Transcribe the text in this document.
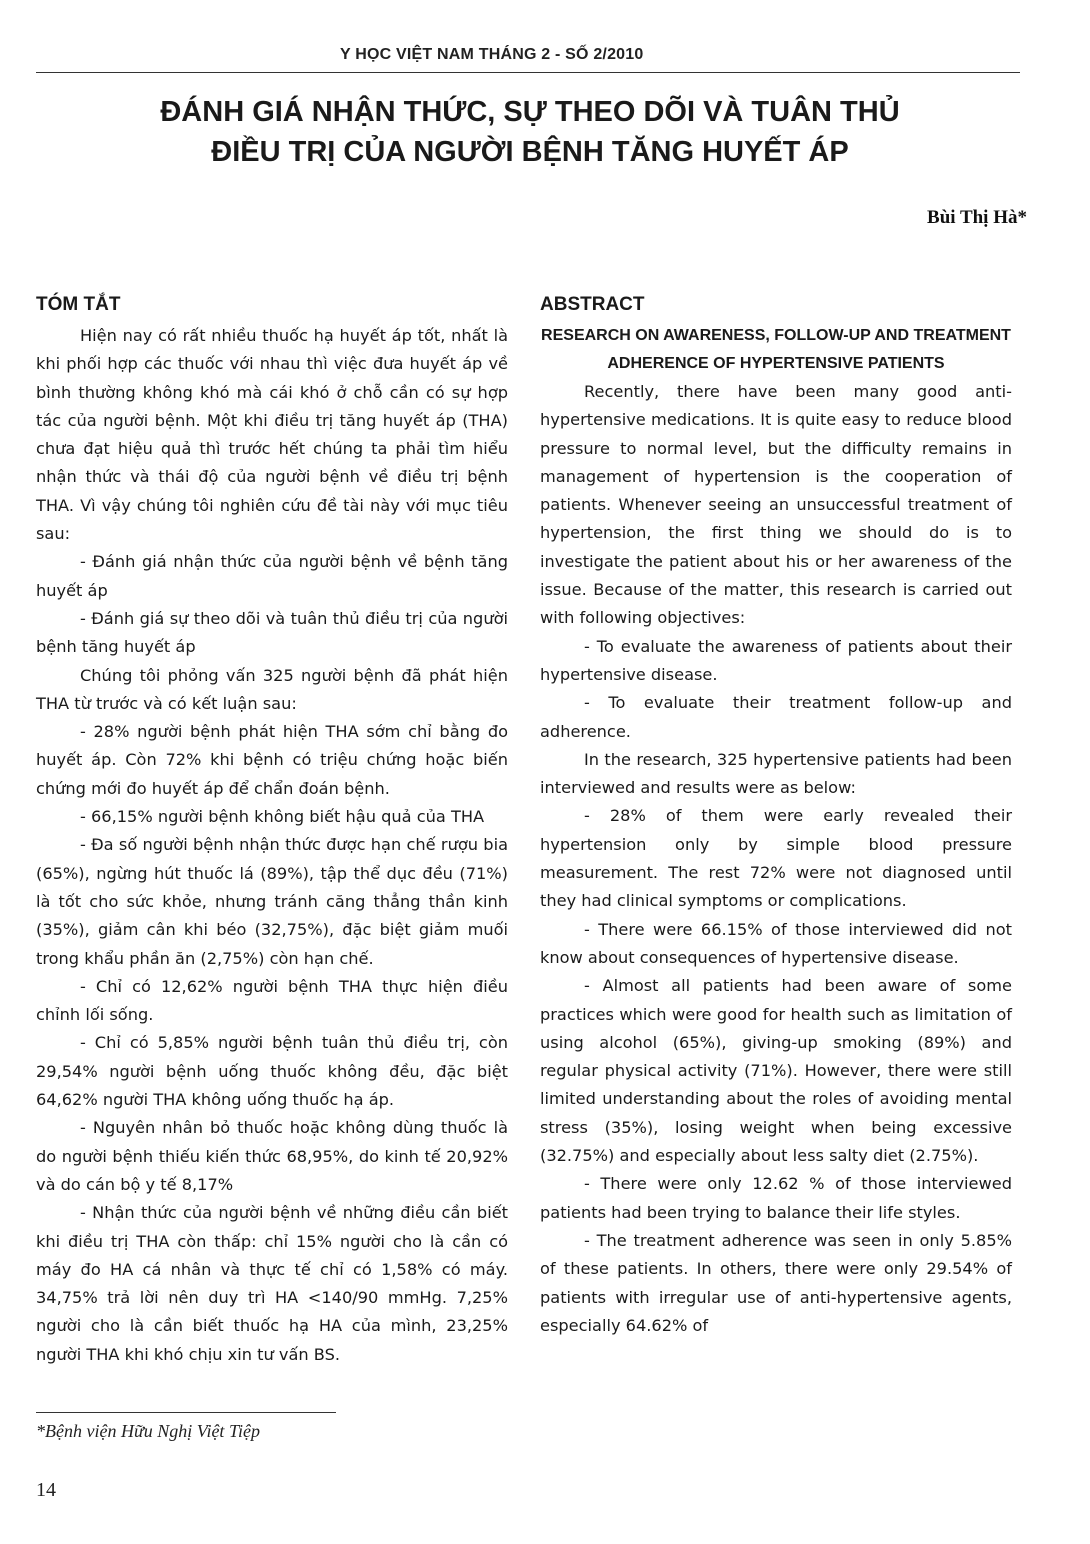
Y HỌC VIỆT NAM THÁNG 2 - SỐ 2/2010
ĐÁNH GIÁ NHẬN THỨC, SỰ THEO DÕI VÀ TUÂN THỦ
ĐIỀU TRỊ CỦA NGƯỜI BỆNH TĂNG HUYẾT ÁP
Bùi Thị Hà*
TÓM TẮT

Hiện nay có rất nhiều thuốc hạ huyết áp tốt, nhất là khi phối hợp các thuốc với nhau thì việc đưa huyết áp về bình thường không khó mà cái khó ở chỗ cần có sự hợp tác của người bệnh. Một khi điều trị tăng huyết áp (THA) chưa đạt hiệu quả thì trước hết chúng ta phải tìm hiểu nhận thức và thái độ của người bệnh về điều trị bệnh THA. Vì vậy chúng tôi nghiên cứu đề tài này với mục tiêu sau:

- Đánh giá nhận thức của người bệnh về bệnh tăng huyết áp

- Đánh giá sự theo dõi và tuân thủ điều trị của người bệnh tăng huyết áp

Chúng tôi phỏng vấn 325 người bệnh đã phát hiện THA từ trước và có kết luận sau:

- 28% người bệnh phát hiện THA sớm chỉ bằng đo huyết áp. Còn 72% khi bệnh có triệu chứng hoặc biến chứng mới đo huyết áp để chẩn đoán bệnh.

- 66,15% người bệnh không biết hậu quả của THA

- Đa số người bệnh nhận thức được hạn chế rượu bia (65%), ngừng hút thuốc lá (89%), tập thể dục đều (71%) là tốt cho sức khỏe, nhưng tránh căng thẳng thần kinh (35%), giảm cân khi béo (32,75%), đặc biệt giảm muối trong khẩu phần ăn (2,75%) còn hạn chế.

- Chỉ có 12,62% người bệnh THA thực hiện điều chỉnh lối sống.

- Chỉ có 5,85% người bệnh tuân thủ điều trị, còn 29,54% người bệnh uống thuốc không đều, đặc biệt 64,62% người THA không uống thuốc hạ áp.

- Nguyên nhân bỏ thuốc hoặc không dùng thuốc là do người bệnh thiếu kiến thức 68,95%, do kinh tế 20,92% và do cán bộ y tế 8,17%

- Nhận thức của người bệnh về những điều cần biết khi điều trị THA còn thấp: chỉ 15% người cho là cần có máy đo HA cá nhân và thực tế chỉ có 1,58% có máy. 34,75% trả lời nên duy trì HA <140/90 mmHg. 7,25% người cho là cần biết thuốc hạ HA của mình, 23,25% người THA khi khó chịu xin tư vấn BS.

ABSTRACT

RESEARCH ON AWARENESS, FOLLOW-UP AND TREATMENT ADHERENCE OF HYPERTENSIVE PATIENTS

Recently, there have been many good anti-hypertensive medications. It is quite easy to reduce blood pressure to normal level, but the difficulty remains in management of hypertension is the cooperation of patients. Whenever seeing an unsuccessful treatment of hypertension, the first thing we should do is to investigate the patient about his or her awareness of the issue. Because of the matter, this research is carried out with following objectives:

- To evaluate the awareness of patients about their hypertensive disease.

- To evaluate their treatment follow-up and adherence.

In the research, 325 hypertensive patients had been interviewed and results were as below:

- 28% of them were early revealed their hypertension only by simple blood pressure measurement. The rest 72% were not diagnosed until they had clinical symptoms or complications.

- There were 66.15% of those interviewed did not know about consequences of hypertensive disease.

- Almost all patients had been aware of some practices which were good for health such as limitation of using alcohol (65%), giving-up smoking (89%) and regular physical activity (71%). However, there were still limited understanding about the roles of avoiding mental stress (35%), losing weight when being excessive (32.75%) and especially about less salty diet (2.75%).

- There were only 12.62 % of those interviewed patients had been trying to balance their life styles.

- The treatment adherence was seen in only 5.85% of these patients. In others, there were only 29.54% of patients with irregular use of anti-hypertensive agents, especially 64.62% of

*Bệnh viện Hữu Nghị Việt Tiệp
14
